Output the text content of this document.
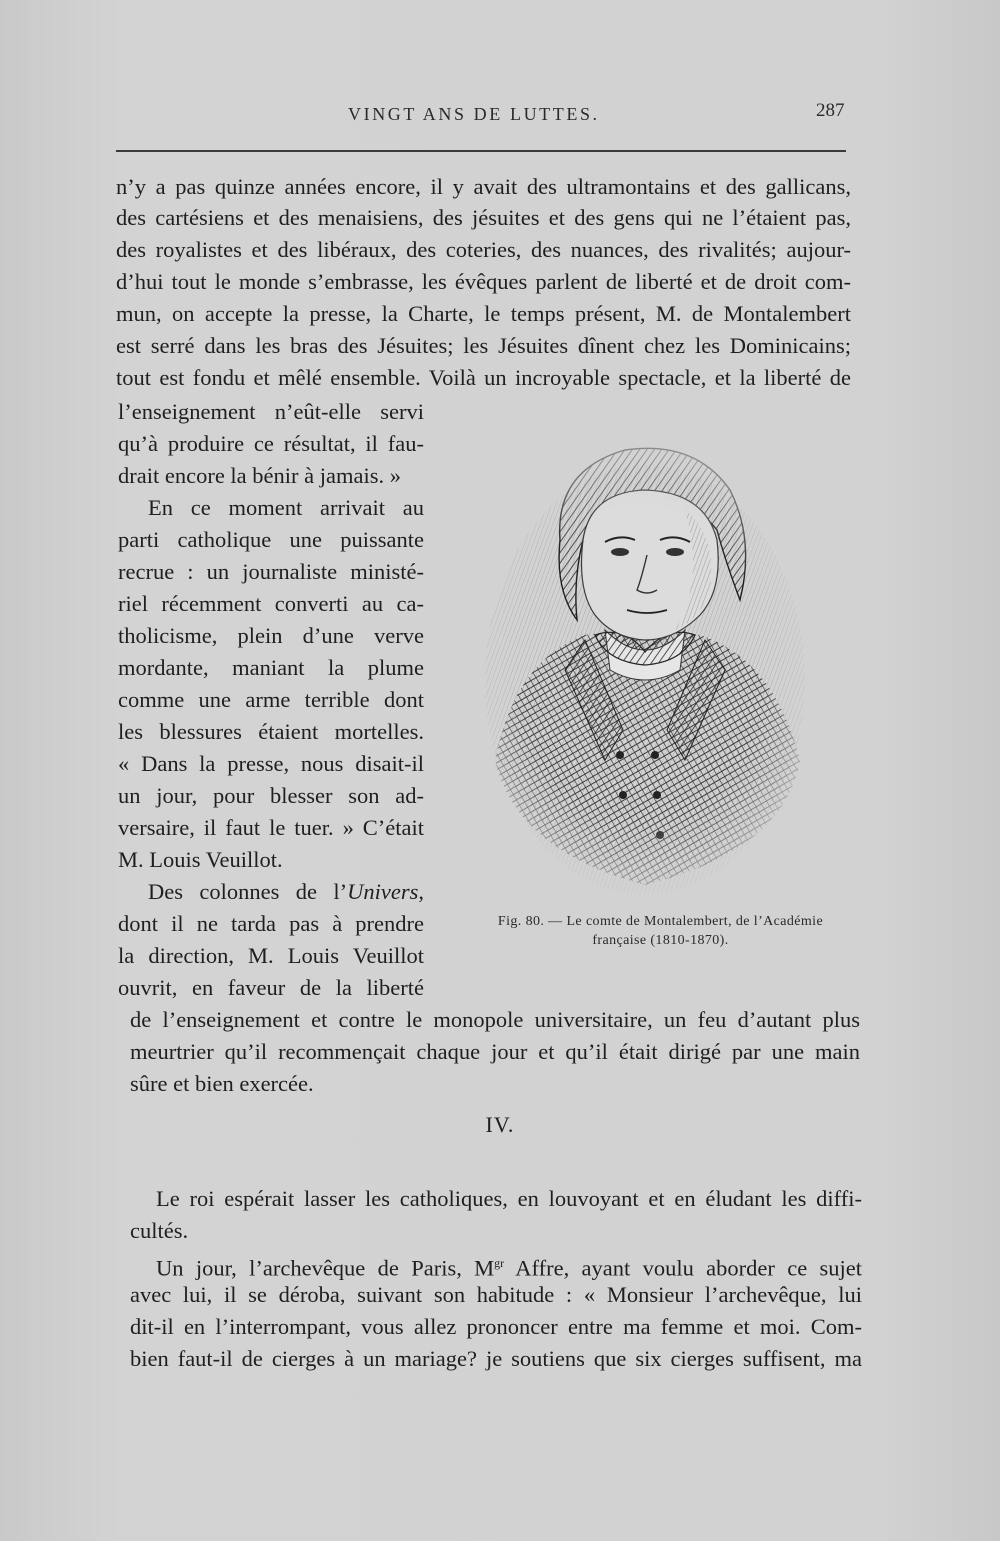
VINGT ANS DE LUTTES.	287
n’y a pas quinze années encore, il y avait des ultramontains et des gallicans,
des cartésiens et des menaisiens, des jésuites et des gens qui ne l’étaient pas,
des royalistes et des libéraux, des coteries, des nuances, des rivalités; aujour-
d’hui tout le monde s’embrasse, les évêques parlent de liberté et de droit com-
mun, on accepte la presse, la Charte, le temps présent, M. de Montalembert
est serré dans les bras des Jésuites; les Jésuites dînent chez les Dominicains;
tout est fondu et mêlé ensemble. Voilà un incroyable spectacle, et la liberté de
l’enseignement n’eût-elle servi
qu’à produire ce résultat, il fau-
drait encore la bénir à jamais. »
En ce moment arrivait au
parti catholique une puissante
recrue : un journaliste ministé-
riel récemment converti au ca-
tholicisme, plein d’une verve
mordante, maniant la plume
comme une arme terrible dont
les blessures étaient mortelles.
« Dans la presse, nous disait-il
un jour, pour blesser son ad-
versaire, il faut le tuer. » C’était
M. Louis Veuillot.
Des colonnes de l’Univers,
dont il ne tarda pas à prendre
la direction, M. Louis Veuillot
ouvrit, en faveur de la liberté
de l’enseignement et contre le monopole universitaire, un feu d’autant plus
meurtrier qu’il recommençait chaque jour et qu’il était dirigé par une main
sûre et bien exercée.
IV.
Le roi espérait lasser les catholiques, en louvoyant et en éludant les diffi-
cultés.
Un jour, l’archevêque de Paris, $M^{gr}$ Affre, ayant voulu aborder ce sujet
avec lui, il se déroba, suivant son habitude : « Monsieur l’archevêque, lui
dit-il en l’interrompant, vous allez prononcer entre ma femme et moi. Com-
bien faut-il de cierges à un mariage? je soutiens que six cierges suffisent, ma
Fig. 80. — Le comte de Montalembert, de l’Académie
française (1810-1870).
